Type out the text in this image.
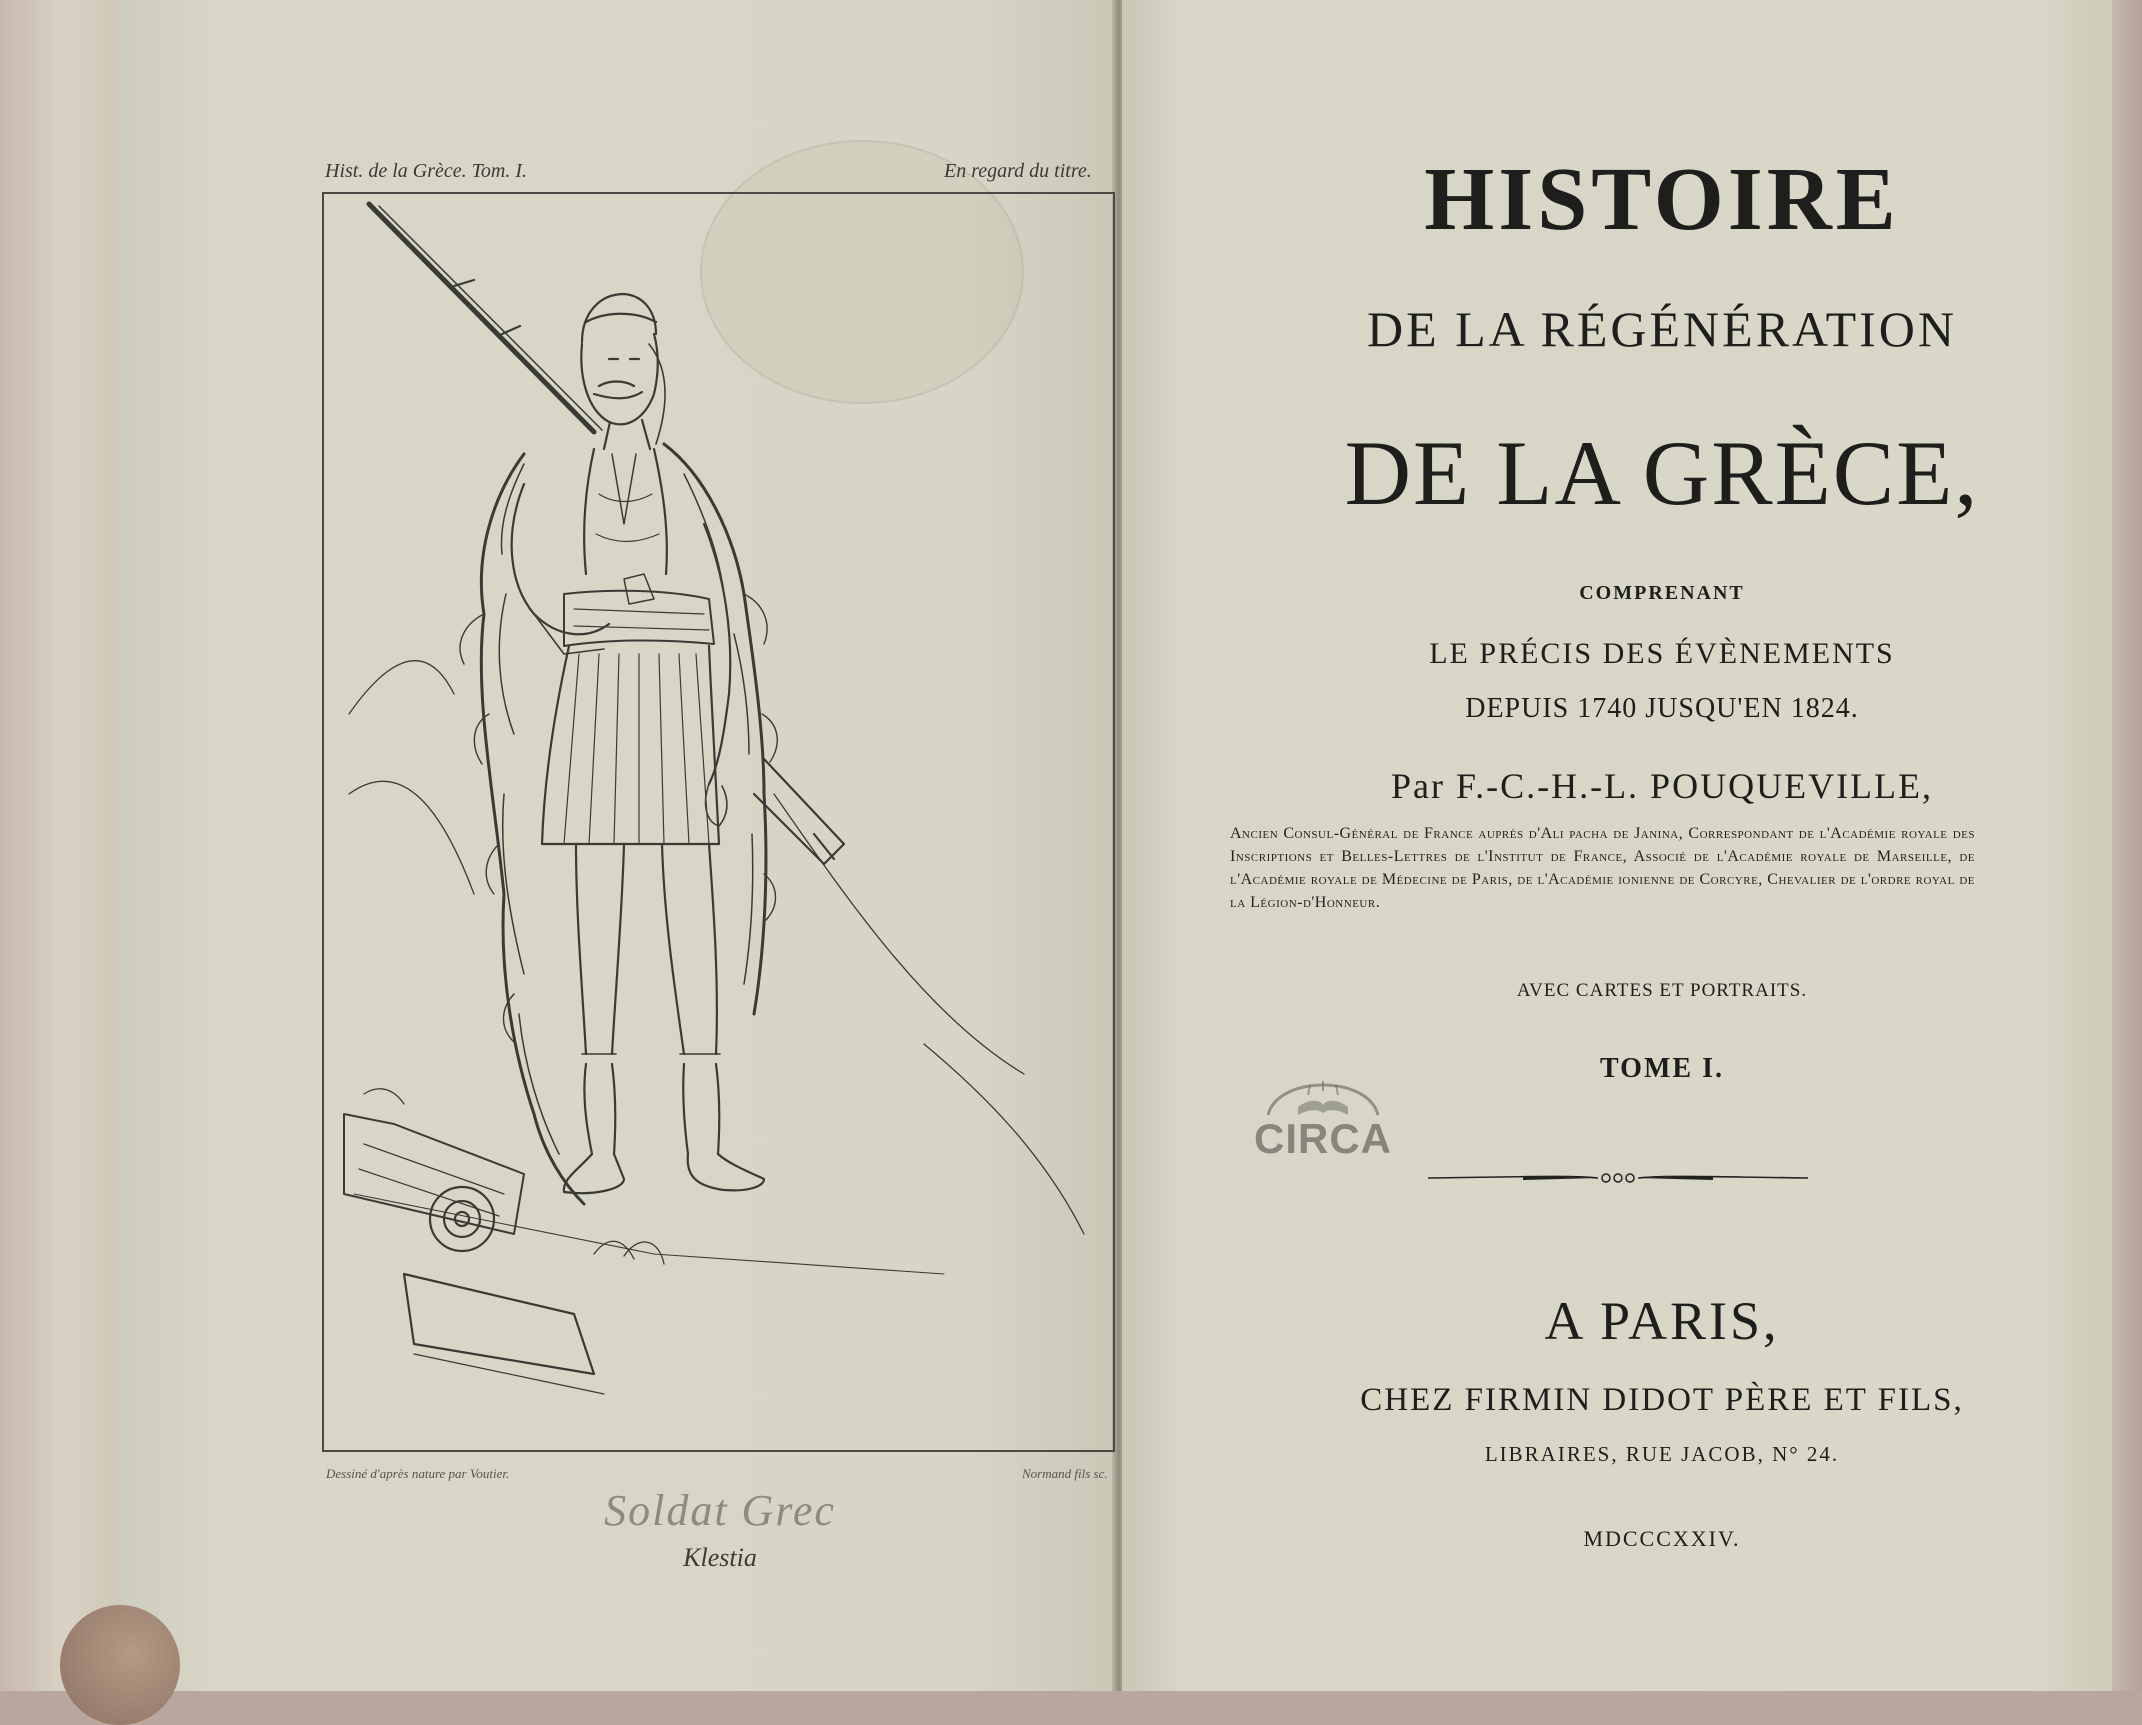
Hist. de la Grèce. Tom. I.	En regard du titre.
Dessiné d'après nature par Voutier.	Normand fils sc.
Soldat Grec
Klestia
HISTOIRE
DE LA RÉGÉNÉRATION
DE LA GRÈCE,
COMPRENANT
LE PRÉCIS DES ÉVÈNEMENTS
DEPUIS 1740 JUSQU'EN 1824.
Par F.-C.-H.-L. POUQUEVILLE,
Ancien Consul-Général de France auprès d'Ali pacha de Janina, Correspondant de l'Académie royale des Inscriptions et Belles-Lettres de l'Institut de France, Associé de l'Académie royale de Marseille, de l'Académie royale de Médecine de Paris, de l'Académie ionienne de Corcyre, Chevalier de l'ordre royal de la Légion-d'Honneur.
AVEC CARTES ET PORTRAITS.
TOME I.
A PARIS,
CHEZ FIRMIN DIDOT PÈRE ET FILS,
LIBRAIRES, RUE JACOB, N° 24.
MDCCCXXIV.
CIRCA
